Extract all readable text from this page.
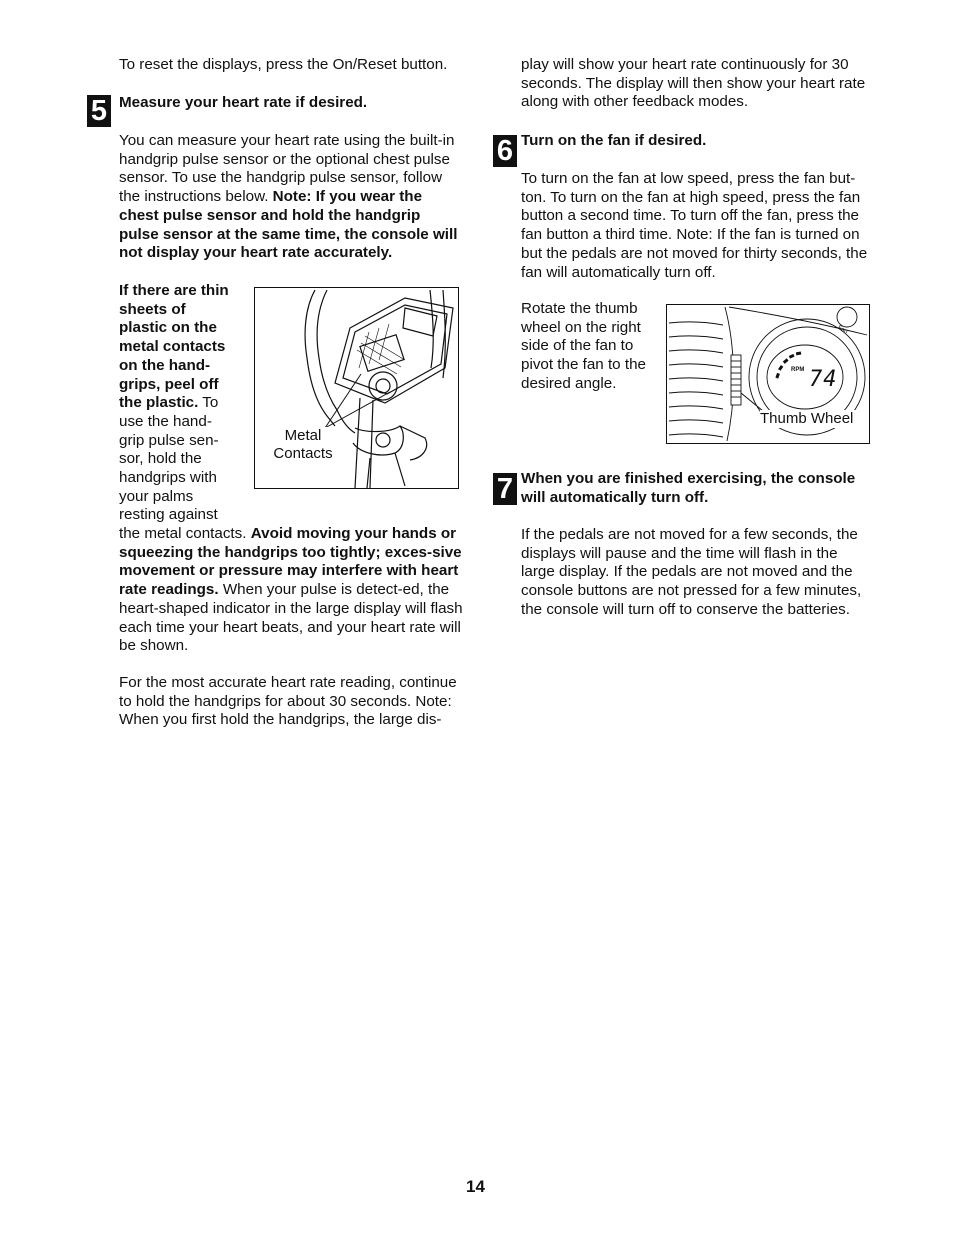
To reset the displays, press the On/Reset button.

5 Measure your heart rate if desired.

You can measure your heart rate using the built-in handgrip pulse sensor or the optional chest pulse sensor. To use the handgrip pulse sensor, follow the instructions below. Note: If you wear the chest pulse sensor and hold the handgrip pulse sensor at the same time, the console will not display your heart rate accurately.

If there are thin sheets of plastic on the metal contacts on the hand-grips, peel off the plastic. To use the hand-grip pulse sen-sor, hold the handgrips with your palms resting against

the metal contacts. Avoid moving your hands or squeezing the handgrips too tightly; exces-sive movement or pressure may interfere with heart rate readings. When your pulse is detect-ed, the heart-shaped indicator in the large display will flash each time your heart beats, and your heart rate will be shown.

For the most accurate heart rate reading, continue to hold the handgrips for about 30 seconds. Note: When you first hold the handgrips, the large dis-

Metal
Contacts

play will show your heart rate continuously for 30 seconds. The display will then show your heart rate along with other feedback modes.

6 Turn on the fan if desired.

To turn on the fan at low speed, press the fan but-ton. To turn on the fan at high speed, press the fan button a second time. To turn off the fan, press the fan button a third time. Note: If the fan is turned on but the pedals are not moved for thirty seconds, the fan will automatically turn off.

Rotate the thumb wheel on the right side of the fan to pivot the fan to the desired angle.

RPM 74
Fan
Thumb Wheel
7 When you are finished exercising, the console will automatically turn off.

If the pedals are not moved for a few seconds, the displays will pause and the time will flash in the large display. If the pedals are not moved and the console buttons are not pressed for a few minutes, the console will turn off to conserve the batteries.

14
